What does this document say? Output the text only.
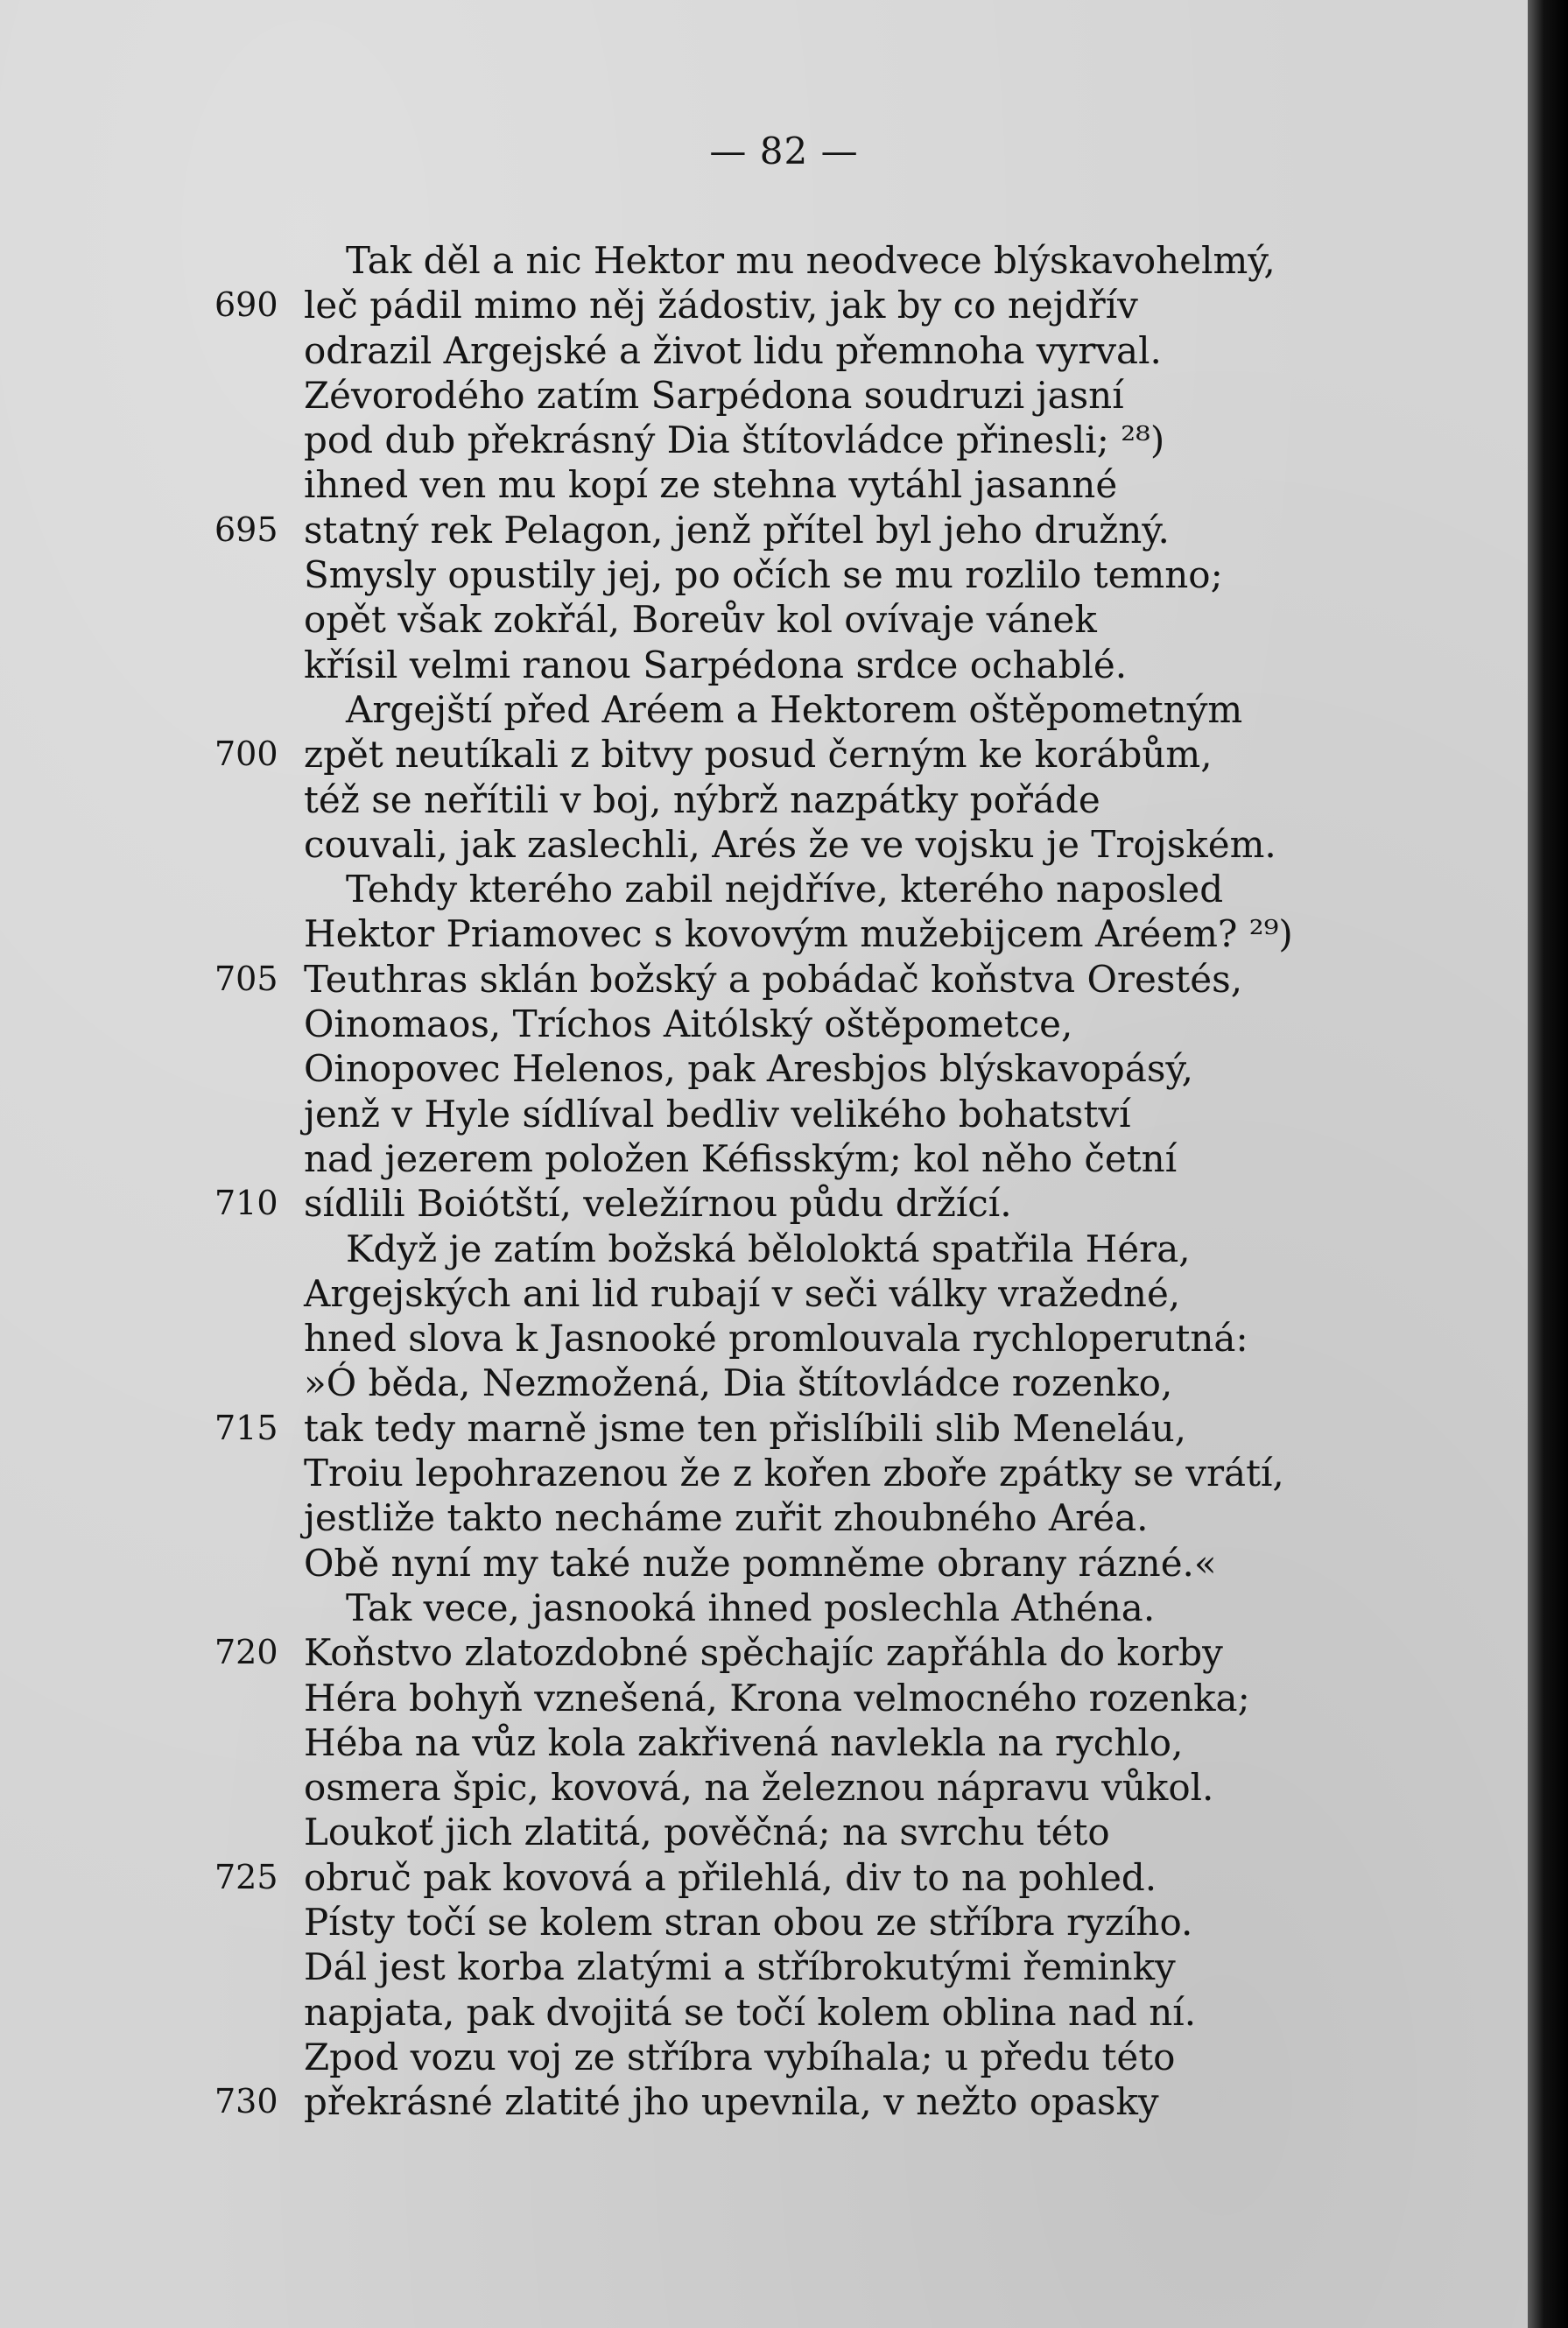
— 82 —
Tak děl a nic Hektor mu neodvece blýskavohelmý,
690 leč pádil mimo něj žádostiv, jak by co nejdřív
odrazil Argejské a život lidu přemnoha vyrval.
Zévorodého zatím Sarpédona soudruzi jasní
pod dub překrásný Dia štítovládce přinesli; ²⁸)
ihned ven mu kopí ze stehna vytáhl jasanné
695 statný rek Pelagon, jenž přítel byl jeho družný.
Smysly opustily jej, po očích se mu rozlilo temno;
opět však zokřál, Boreův kol ovívaje vánek
křísil velmi ranou Sarpédona srdce ochablé.
Argejští před Aréem a Hektorem oštěpometným
700 zpět neutíkali z bitvy posud černým ke korábům,
též se neřítili v boj, nýbrž nazpátky pořáde
couvali, jak zaslechli, Arés že ve vojsku je Trojském.
Tehdy kterého zabil nejdříve, kterého naposled
Hektor Priamovec s kovovým mužebijcem Aréem? ²⁹)
705 Teuthras sklán božský a pobádač koňstva Orestés,
Oinomaos, Tríchos Aitólský oštěpometce,
Oinopovec Helenos, pak Aresbjos blýskavopásý,
jenž v Hyle sídlíval bedliv velikého bohatství
nad jezerem položen Kéfisským; kol něho četní
710 sídlili Boiótští, veležírnou půdu držící.
Když je zatím božská běloloktá spatřila Héra,
Argejských ani lid rubají v seči války vražedné,
hned slova k Jasnooké promlouvala rychloperutná:
»Ó běda, Nezmožená, Dia štítovládce rozenko,
715 tak tedy marně jsme ten přislíbili slib Meneláu,
Troiu lepohrazenou že z kořen zboře zpátky se vrátí,
jestliže takto necháme zuřit zhoubného Aréa.
Obě nyní my také nuže pomněme obrany rázné.«
Tak vece, jasnooká ihned poslechla Athéna.
720 Koňstvo zlatozdobné spěchajíc zapřáhla do korby
Héra bohyň vznešená, Krona velmocného rozenka;
Héba na vůz kola zakřivená navlekla na rychlo,
osmera špic, kovová, na železnou nápravu vůkol.
Loukoť jich zlatitá, pověčná; na svrchu této
725 obruč pak kovová a přilehlá, div to na pohled.
Písty točí se kolem stran obou ze stříbra ryzího.
Dál jest korba zlatými a stříbrokutými řeminky
napjata, pak dvojitá se točí kolem oblina nad ní.
Zpod vozu voj ze stříbra vybíhala; u předu této
730 překrásné zlatité jho upevnila, v nežto opasky
